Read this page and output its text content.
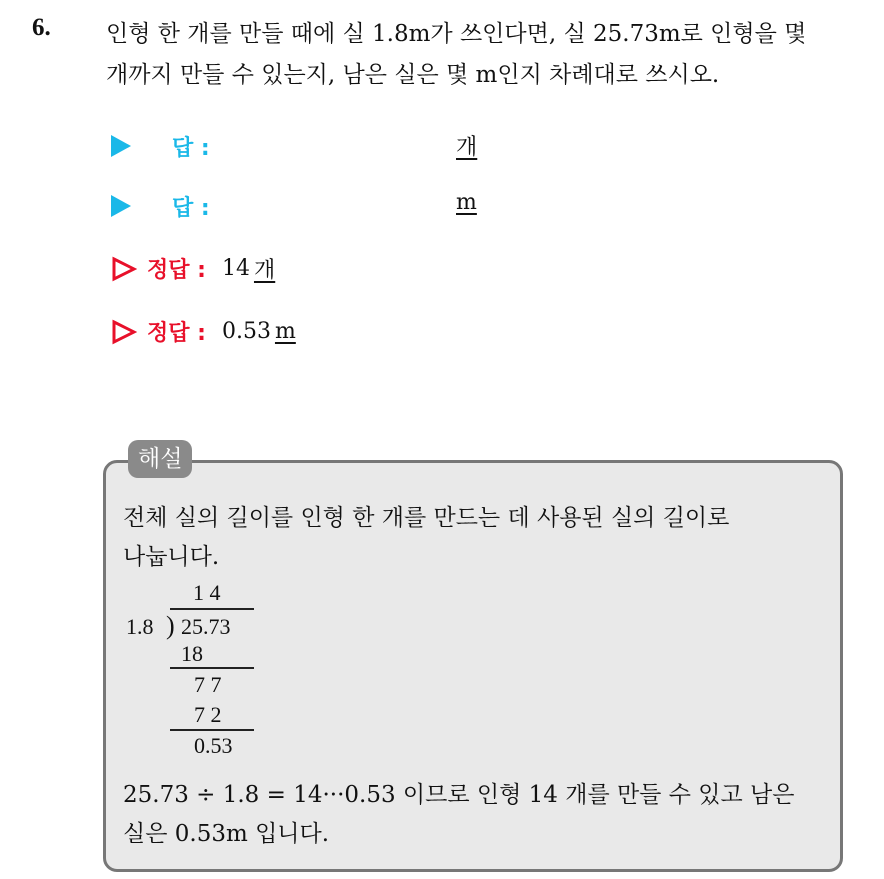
6. 인형 한 개를 만들 때에 실 1.8m가 쓰인다면, 실 25.73m로 인형을 몇
개까지 만들 수 있는지, 남은 실은 몇 m인지 차례대로 쓰시오.
답 :	개
답 :	m
정답 : 14 개
정답 : 0.53 m
해설
전체 실의 길이를 인형 한 개를 만드는 데 사용된 실의 길이로
나눕니다.
1 4
1.8 ) 25.73
18
7 7
7 2
0.53
25.73 ÷ 1.8 = 14···0.53 이므로 인형 14 개를 만들 수 있고 남은
실은 0.53m 입니다.
